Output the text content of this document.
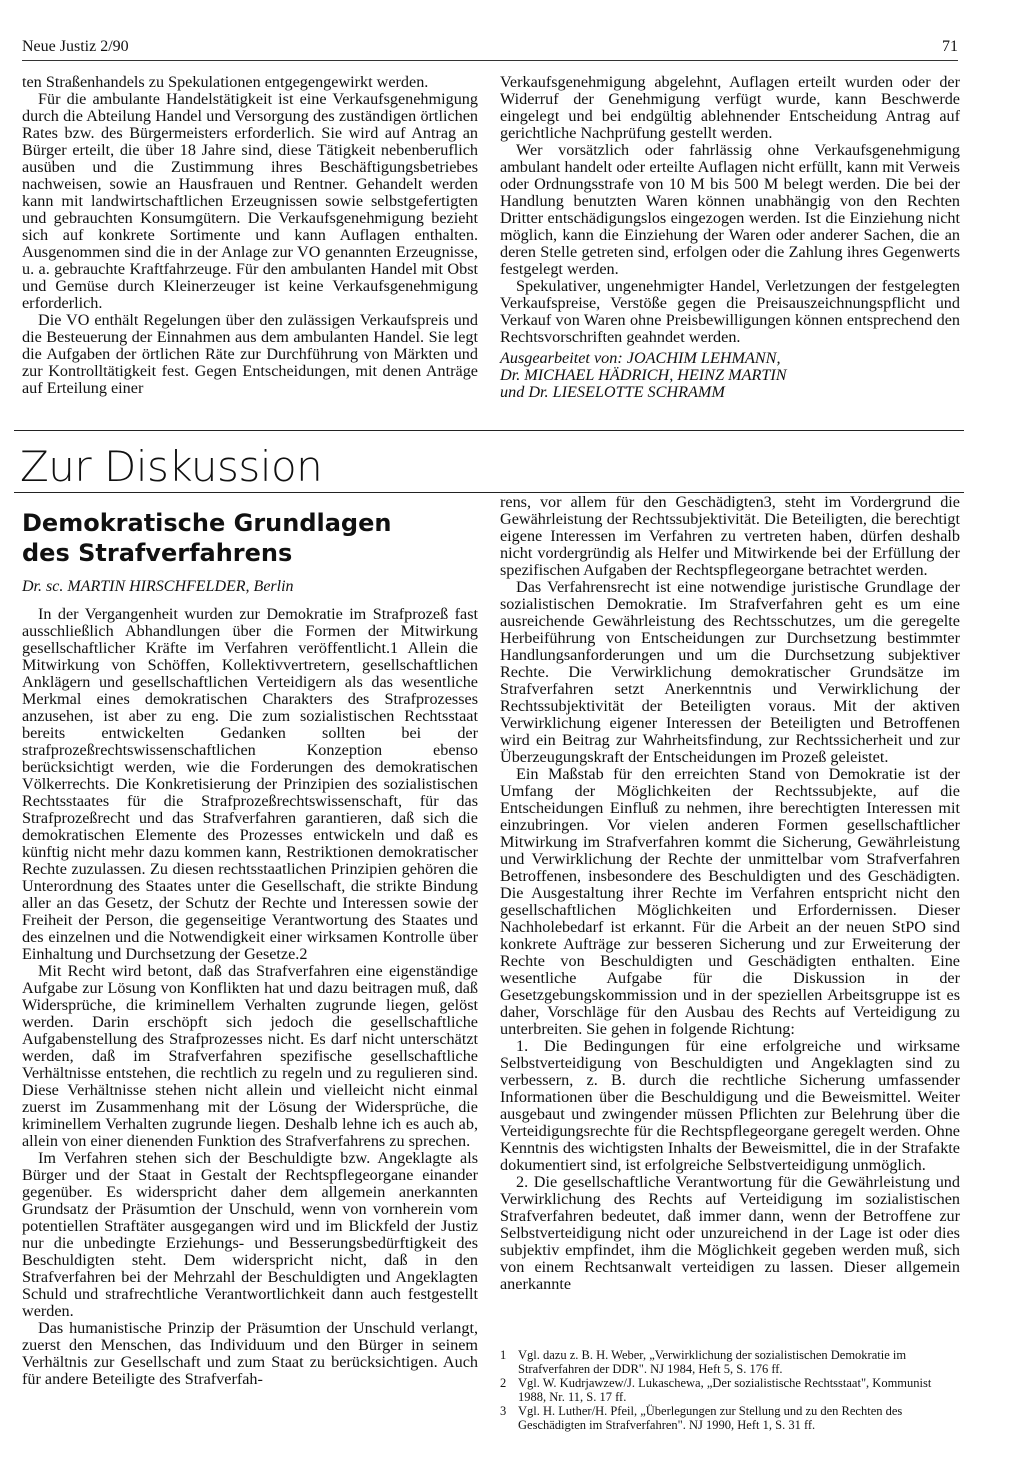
Neue Justiz 2/90	71

ten Straßenhandels zu Spekulationen entgegengewirkt werden.

Für die ambulante Handelstätigkeit ist eine Verkaufsgenehmigung durch die Abteilung Handel und Versorgung des zuständigen örtlichen Rates bzw. des Bürgermeisters erforderlich. Sie wird auf Antrag an Bürger erteilt, die über 18 Jahre sind, diese Tätigkeit nebenberuflich ausüben und die Zustimmung ihres Beschäftigungsbetriebes nachweisen, sowie an Hausfrauen und Rentner. Gehandelt werden kann mit landwirtschaftlichen Erzeugnissen sowie selbstgefertigten und gebrauchten Konsumgütern. Die Verkaufsgenehmigung bezieht sich auf konkrete Sortimente und kann Auflagen enthalten. Ausgenommen sind die in der Anlage zur VO genannten Erzeugnisse, u. a. gebrauchte Kraftfahrzeuge. Für den ambulanten Handel mit Obst und Gemüse durch Kleinerzeuger ist keine Verkaufsgenehmigung erforderlich.

Die VO enthält Regelungen über den zulässigen Verkaufspreis und die Besteuerung der Einnahmen aus dem ambulanten Handel. Sie legt die Aufgaben der örtlichen Räte zur Durchführung von Märkten und zur Kontrolltätigkeit fest. Gegen Entscheidungen, mit denen Anträge auf Erteilung einer

Verkaufsgenehmigung abgelehnt, Auflagen erteilt wurden oder der Widerruf der Genehmigung verfügt wurde, kann Beschwerde eingelegt und bei endgültig ablehnender Entscheidung Antrag auf gerichtliche Nachprüfung gestellt werden.

Wer vorsätzlich oder fahrlässig ohne Verkaufsgenehmigung ambulant handelt oder erteilte Auflagen nicht erfüllt, kann mit Verweis oder Ordnungsstrafe von 10 M bis 500 M belegt werden. Die bei der Handlung benutzten Waren können unabhängig von den Rechten Dritter entschädigungslos eingezogen werden. Ist die Einziehung nicht möglich, kann die Einziehung der Waren oder anderer Sachen, die an deren Stelle getreten sind, erfolgen oder die Zahlung ihres Gegenwerts festgelegt werden.

Spekulativer, ungenehmigter Handel, Verletzungen der festgelegten Verkaufspreise, Verstöße gegen die Preisauszeichnungspflicht und Verkauf von Waren ohne Preisbewilligungen können entsprechend den Rechtsvorschriften geahndet werden.

Ausgearbeitet von: JOACHIM LEHMANN,
Dr. MICHAEL HÄDRICH, HEINZ MARTIN
und Dr. LIESELOTTE SCHRAMM
Zur Diskussion
Demokratische Grundlagen
des Strafverfahrens
Dr. sc. MARTIN HIRSCHFELDER, Berlin

In der Vergangenheit wurden zur Demokratie im Strafprozeß fast ausschließlich Abhandlungen über die Formen der Mitwirkung gesellschaftlicher Kräfte im Verfahren veröffentlicht.1 Allein die Mitwirkung von Schöffen, Kollektivvertretern, gesellschaftlichen Anklägern und gesellschaftlichen Verteidigern als das wesentliche Merkmal eines demokratischen Charakters des Strafprozesses anzusehen, ist aber zu eng. Die zum sozialistischen Rechtsstaat bereits entwickelten Gedanken sollten bei der strafprozeßrechtswissenschaftlichen Konzeption ebenso berücksichtigt werden, wie die Forderungen des demokratischen Völkerrechts. Die Konkretisierung der Prinzipien des sozialistischen Rechtsstaates für die Strafprozeßrechtswissenschaft, für das Strafprozeßrecht und das Strafverfahren garantieren, daß sich die demokratischen Elemente des Prozesses entwickeln und daß es künftig nicht mehr dazu kommen kann, Restriktionen demokratischer Rechte zuzulassen. Zu diesen rechtsstaatlichen Prinzipien gehören die Unterordnung des Staates unter die Gesellschaft, die strikte Bindung aller an das Gesetz, der Schutz der Rechte und Interessen sowie der Freiheit der Person, die gegenseitige Verantwortung des Staates und des einzelnen und die Notwendigkeit einer wirksamen Kontrolle über Einhaltung und Durchsetzung der Gesetze.2

Mit Recht wird betont, daß das Strafverfahren eine eigenständige Aufgabe zur Lösung von Konflikten hat und dazu beitragen muß, daß Widersprüche, die kriminellem Verhalten zugrunde liegen, gelöst werden. Darin erschöpft sich jedoch die gesellschaftliche Aufgabenstellung des Strafprozesses nicht. Es darf nicht unterschätzt werden, daß im Strafverfahren spezifische gesellschaftliche Verhältnisse entstehen, die rechtlich zu regeln und zu regulieren sind. Diese Verhältnisse stehen nicht allein und vielleicht nicht einmal zuerst im Zusammenhang mit der Lösung der Widersprüche, die kriminellem Verhalten zugrunde liegen. Deshalb lehne ich es auch ab, allein von einer dienenden Funktion des Strafverfahrens zu sprechen.

Im Verfahren stehen sich der Beschuldigte bzw. Angeklagte als Bürger und der Staat in Gestalt der Rechtspflegeorgane einander gegenüber. Es widerspricht daher dem allgemein anerkannten Grundsatz der Präsumtion der Unschuld, wenn von vornherein vom potentiellen Straftäter ausgegangen wird und im Blickfeld der Justiz nur die unbedingte Erziehungs- und Besserungsbedürftigkeit des Beschuldigten steht. Dem widerspricht nicht, daß in den Strafverfahren bei der Mehrzahl der Beschuldigten und Angeklagten Schuld und strafrechtliche Verantwortlichkeit dann auch festgestellt werden.

Das humanistische Prinzip der Präsumtion der Unschuld verlangt, zuerst den Menschen, das Individuum und den Bürger in seinem Verhältnis zur Gesellschaft und zum Staat zu berücksichtigen. Auch für andere Beteiligte des Strafverfah-

rens, vor allem für den Geschädigten3, steht im Vordergrund die Gewährleistung der Rechtssubjektivität. Die Beteiligten, die berechtigt eigene Interessen im Verfahren zu vertreten haben, dürfen deshalb nicht vordergründig als Helfer und Mitwirkende bei der Erfüllung der spezifischen Aufgaben der Rechtspflegeorgane betrachtet werden.

Das Verfahrensrecht ist eine notwendige juristische Grundlage der sozialistischen Demokratie. Im Strafverfahren geht es um eine ausreichende Gewährleistung des Rechtsschutzes, um die geregelte Herbeiführung von Entscheidungen zur Durchsetzung bestimmter Handlungsanforderungen und um die Durchsetzung subjektiver Rechte. Die Verwirklichung demokratischer Grundsätze im Strafverfahren setzt Anerkenntnis und Verwirklichung der Rechtssubjektivität der Beteiligten voraus. Mit der aktiven Verwirklichung eigener Interessen der Beteiligten und Betroffenen wird ein Beitrag zur Wahrheitsfindung, zur Rechtssicherheit und zur Überzeugungskraft der Entscheidungen im Prozeß geleistet.

Ein Maßstab für den erreichten Stand von Demokratie ist der Umfang der Möglichkeiten der Rechtssubjekte, auf die Entscheidungen Einfluß zu nehmen, ihre berechtigten Interessen mit einzubringen. Vor vielen anderen Formen gesellschaftlicher Mitwirkung im Strafverfahren kommt die Sicherung, Gewährleistung und Verwirklichung der Rechte der unmittelbar vom Strafverfahren Betroffenen, insbesondere des Beschuldigten und des Geschädigten. Die Ausgestaltung ihrer Rechte im Verfahren entspricht nicht den gesellschaftlichen Möglichkeiten und Erfordernissen. Dieser Nachholebedarf ist erkannt. Für die Arbeit an der neuen StPO sind konkrete Aufträge zur besseren Sicherung und zur Erweiterung der Rechte von Beschuldigten und Geschädigten enthalten. Eine wesentliche Aufgabe für die Diskussion in der Gesetzgebungskommission und in der speziellen Arbeitsgruppe ist es daher, Vorschläge für den Ausbau des Rechts auf Verteidigung zu unterbreiten. Sie gehen in folgende Richtung:

1. Die Bedingungen für eine erfolgreiche und wirksame Selbstverteidigung von Beschuldigten und Angeklagten sind zu verbessern, z. B. durch die rechtliche Sicherung umfassender Informationen über die Beschuldigung und die Beweismittel. Weiter ausgebaut und zwingender müssen Pflichten zur Belehrung über die Verteidigungsrechte für die Rechtspflegeorgane geregelt werden. Ohne Kenntnis des wichtigsten Inhalts der Beweismittel, die in der Strafakte dokumentiert sind, ist erfolgreiche Selbstverteidigung unmöglich.

2. Die gesellschaftliche Verantwortung für die Gewährleistung und Verwirklichung des Rechts auf Verteidigung im sozialistischen Strafverfahren bedeutet, daß immer dann, wenn der Betroffene zur Selbstverteidigung nicht oder unzureichend in der Lage ist oder dies subjektiv empfindet, ihm die Möglichkeit gegeben werden muß, sich von einem Rechtsanwalt verteidigen zu lassen. Dieser allgemein anerkannte

1 Vgl. dazu z. B. H. Weber, „Verwirklichung der sozialistischen Demokratie im Strafverfahren der DDR". NJ 1984, Heft 5, S. 176 ff.
2 Vgl. W. Kudrjawzew/J. Lukaschewa, „Der sozialistische Rechtsstaat", Kommunist 1988, Nr. 11, S. 17 ff.
3 Vgl. H. Luther/H. Pfeil, „Überlegungen zur Stellung und zu den Rechten des Geschädigten im Strafverfahren". NJ 1990, Heft 1, S. 31 ff.
